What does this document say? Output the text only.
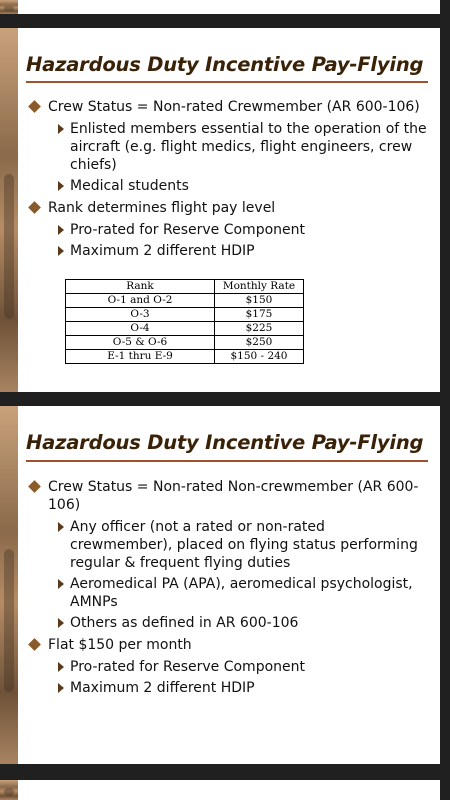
Hazardous Duty Incentive Pay-Flying
Crew Status = Non-rated Crewmember (AR 600-106)
Enlisted members essential to the operation of the aircraft (e.g. flight medics, flight engineers, crew chiefs)
Medical students
Rank determines flight pay level
Pro-rated for Reserve Component
Maximum 2 different HDIP
Rank	Monthly Rate
O-1 and O-2	$150
O-3	$175
O-4	$225
O-5 & O-6	$250
E-1 thru E-9	$150 - 240
Hazardous Duty Incentive Pay-Flying
Crew Status = Non-rated Non-crewmember (AR 600-106)
Any officer (not a rated or non-rated crewmember), placed on flying status performing regular & frequent flying duties
Aeromedical PA (APA), aeromedical psychologist, AMNPs
Others as defined in AR 600-106
Flat $150 per month
Pro-rated for Reserve Component
Maximum 2 different HDIP
